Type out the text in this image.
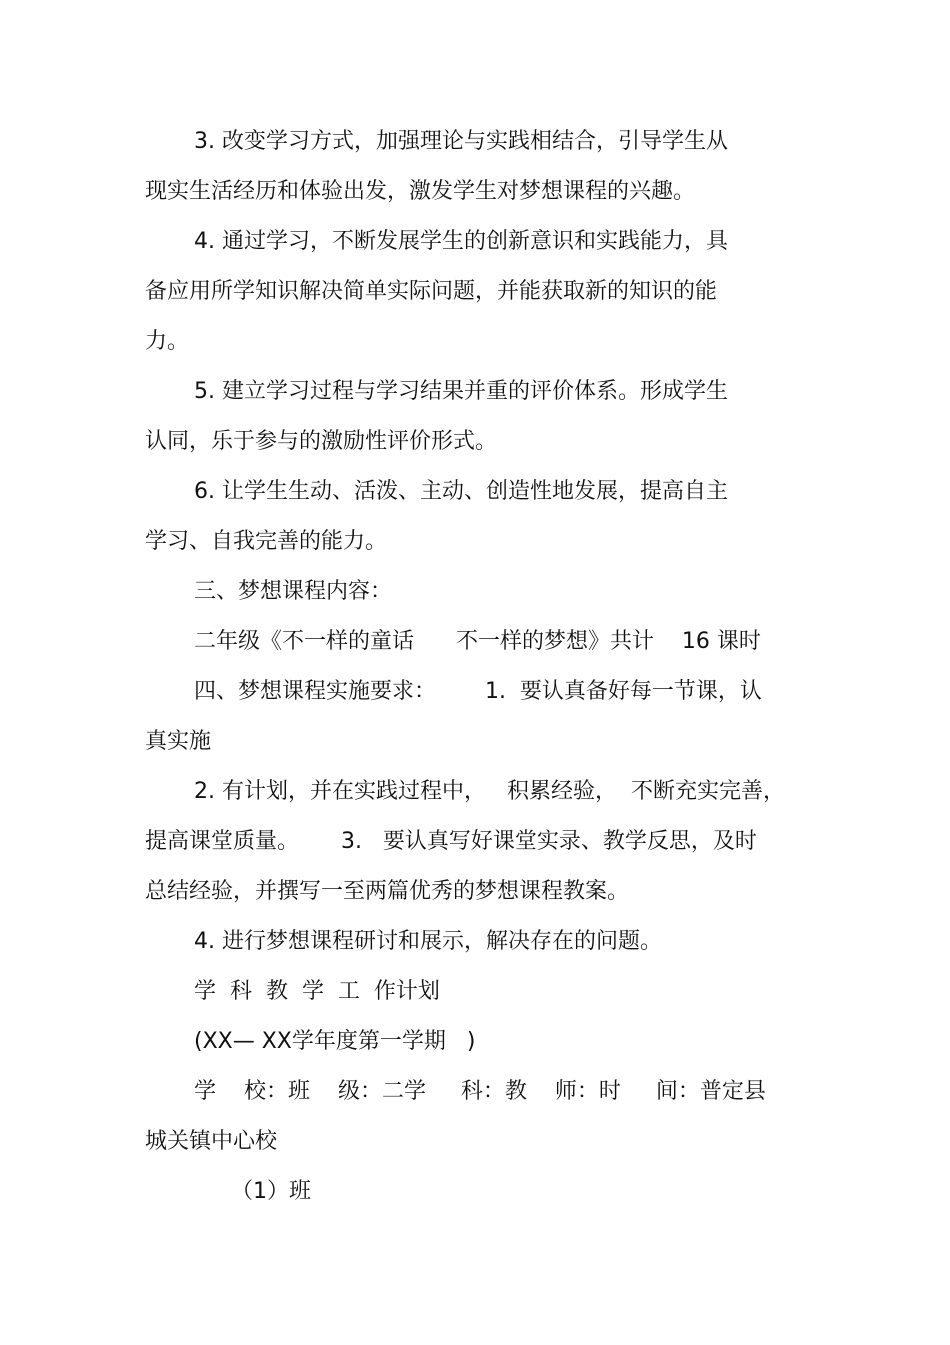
3. 改变学习方式，加强理论与实践相结合，引导学生从
现实生活经历和体验出发，激发学生对梦想课程的兴趣。
4. 通过学习，不断发展学生的创新意识和实践能力，具
备应用所学知识解决简单实际问题，并能获取新的知识的能
力。
5. 建立学习过程与学习结果并重的评价体系。形成学生
认同，乐于参与的激励性评价形式。
6. 让学生生动、活泼、主动、创造性地发展，提高自主
学习、自我完善的能力。
三、梦想课程内容：
二年级《不一样的童话      不一样的梦想》共计    16 课时
四、梦想课程实施要求：       1.  要认真备好每一节课，认
真实施
2. 有计划，并在实践过程中，   积累经验，  不断充实完善，
提高课堂质量。      3.   要认真写好课堂实录、教学反思，及时
总结经验，并撰写一至两篇优秀的梦想课程教案。
4. 进行梦想课程研讨和展示，解决存在的问题。
学  科  教  学  工  作计划
(XX— XX学年度第一学期   )
学    校：班    级：二学     科：教    师：时     间：普定县
城关镇中心校
（1）班
